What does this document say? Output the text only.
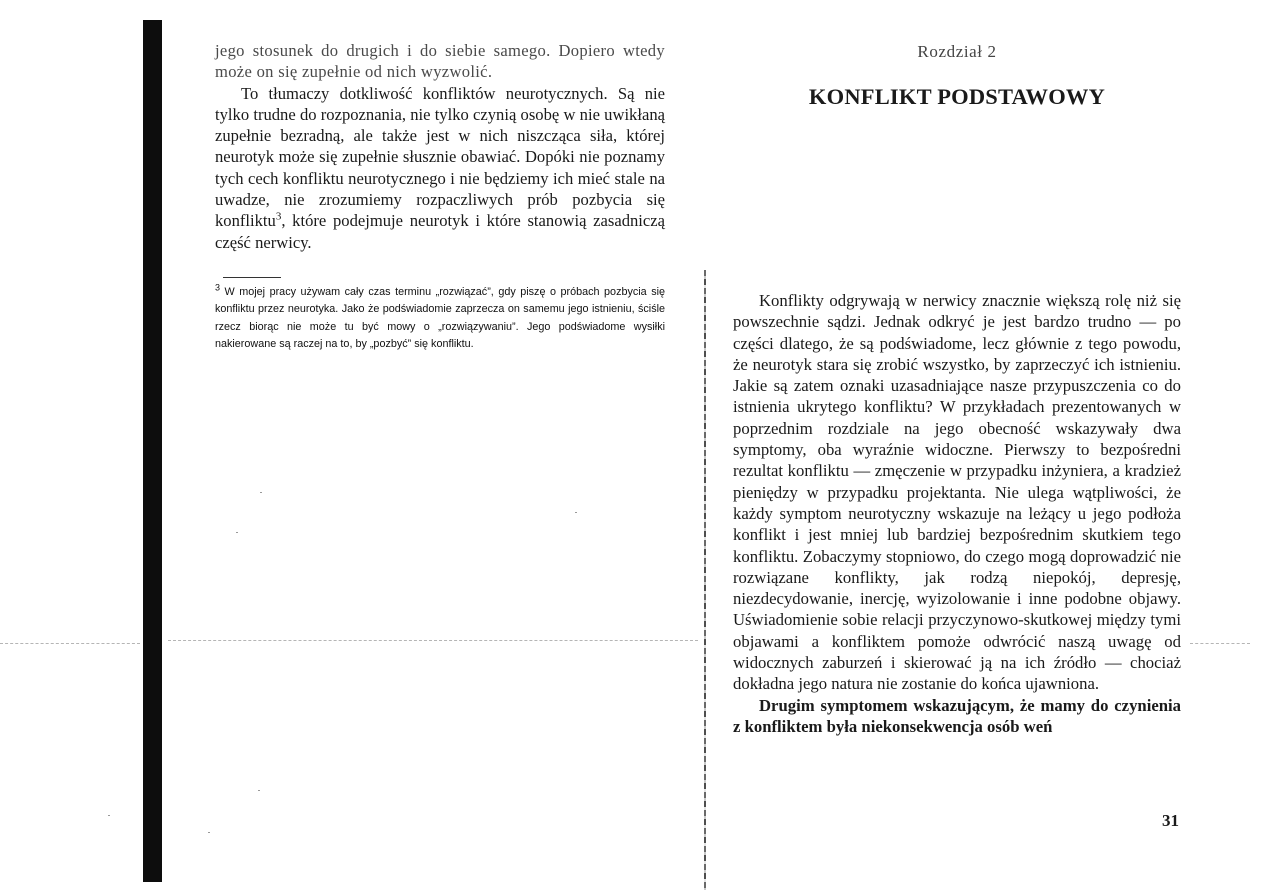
jego stosunek do drugich i do siebie samego. Dopiero wtedy może on się zupełnie od nich wyzwolić.

To tłumaczy dotkliwość konfliktów neurotycznych. Są nie tylko trudne do rozpoznania, nie tylko czynią osobę w nie uwikłaną zupełnie bezradną, ale także jest w nich niszcząca siła, której neurotyk może się zupełnie słusznie obawiać. Dopóki nie poznamy tych cech konfliktu neurotycznego i nie będziemy ich mieć stale na uwadze, nie zrozumiemy rozpaczliwych prób pozbycia się konfliktu$^3$, które podejmuje neurotyk i które stanowią zasadniczą część nerwicy.

$^3$ W mojej pracy używam cały czas terminu „rozwiązać”, gdy piszę o próbach pozbycia się konfliktu przez neurotyka. Jako że podświadomie zaprzecza on samemu jego istnieniu, ściśle rzecz biorąc nie może tu być mowy o „rozwiązywaniu”. Jego podświadome wysiłki nakierowane są raczej na to, by „pozbyć” się konfliktu.

Rozdział 2

KONFLIKT PODSTAWOWY

Konflikty odgrywają w nerwicy znacznie większą rolę niż się powszechnie sądzi. Jednak odkryć je jest bardzo trudno — po części dlatego, że są podświadome, lecz głównie z tego powodu, że neurotyk stara się zrobić wszystko, by zaprzeczyć ich istnieniu. Jakie są zatem oznaki uzasadniające nasze przypuszczenia co do istnienia ukrytego konfliktu? W przykładach prezentowanych w poprzednim rozdziale na jego obecność wskazywały dwa symptomy, oba wyraźnie widoczne. Pierwszy to bezpośredni rezultat konfliktu — zmęczenie w przypadku inżyniera, a kradzież pieniędzy w przypadku projektanta. Nie ulega wątpliwości, że każdy symptom neurotyczny wskazuje na leżący u jego podłoża konflikt i jest mniej lub bardziej bezpośrednim skutkiem tego konfliktu. Zobaczymy stopniowo, do czego mogą doprowadzić nie rozwiązane konflikty, jak rodzą niepokój, depresję, niezdecydowanie, inercję, wyizolowanie i inne podobne objawy. Uświadomienie sobie relacji przyczynowo-skutkowej między tymi objawami a konfliktem pomoże odwrócić naszą uwagę od widocznych zaburzeń i skierować ją na ich źródło — chociaż dokładna jego natura nie zostanie do końca ujawniona.

Drugim symptomem wskazującym, że mamy do czynienia z konfliktem była niekonsekwencja osób weń

31
